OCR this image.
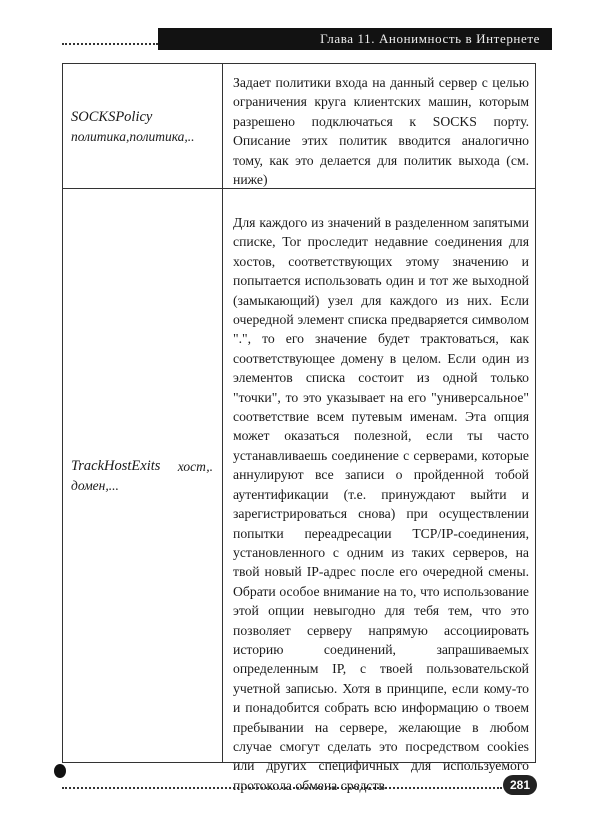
Глава 11. Анонимность в Интернете
SOCKSPolicy
политика,политика,..

Задает политики входа на данный сервер с целью ограничения круга клиентских машин, которым разрешено подключаться к SOCKS порту. Описание этих политик вводится аналогично тому, как это делается для политик выхода (см. ниже)

TrackHostExits хост,.
домен,...

Для каждого из значений в разделенном запятыми списке, Tor проследит недавние соединения для хостов, соответствующих этому значению и попытается использовать один и тот же выходной (замыкающий) узел для каждого из них. Если очередной элемент списка предваряется символом ".", то его значение будет трактоваться, как соответствующее домену в целом. Если один из элементов списка состоит из одной только "точки", то это указывает на его "универсальное" соответствие всем путевым именам. Эта опция может оказаться полезной, если ты часто устанавливаешь соединение с серверами, которые аннулируют все записи о пройденной тобой аутентификации (т.е. принуждают выйти и зарегистрироваться снова) при осуществлении попытки переадресации TCP/IP-соединения, установленного с одним из таких серверов, на твой новый IP-адрес после его очередной смены. Обрати особое внимание на то, что использование этой опции невыгодно для тебя тем, что это позволяет серверу напрямую ассоциировать историю соединений, запрашиваемых определенным IP, с твоей пользовательской учетной записью. Хотя в принципе, если кому-то и понадобится собрать всю информацию о твоем пребывании на сервере, желающие в любом случае смогут сделать это посредством cookies или других специфичных для используемого протокола обмена средств	281
